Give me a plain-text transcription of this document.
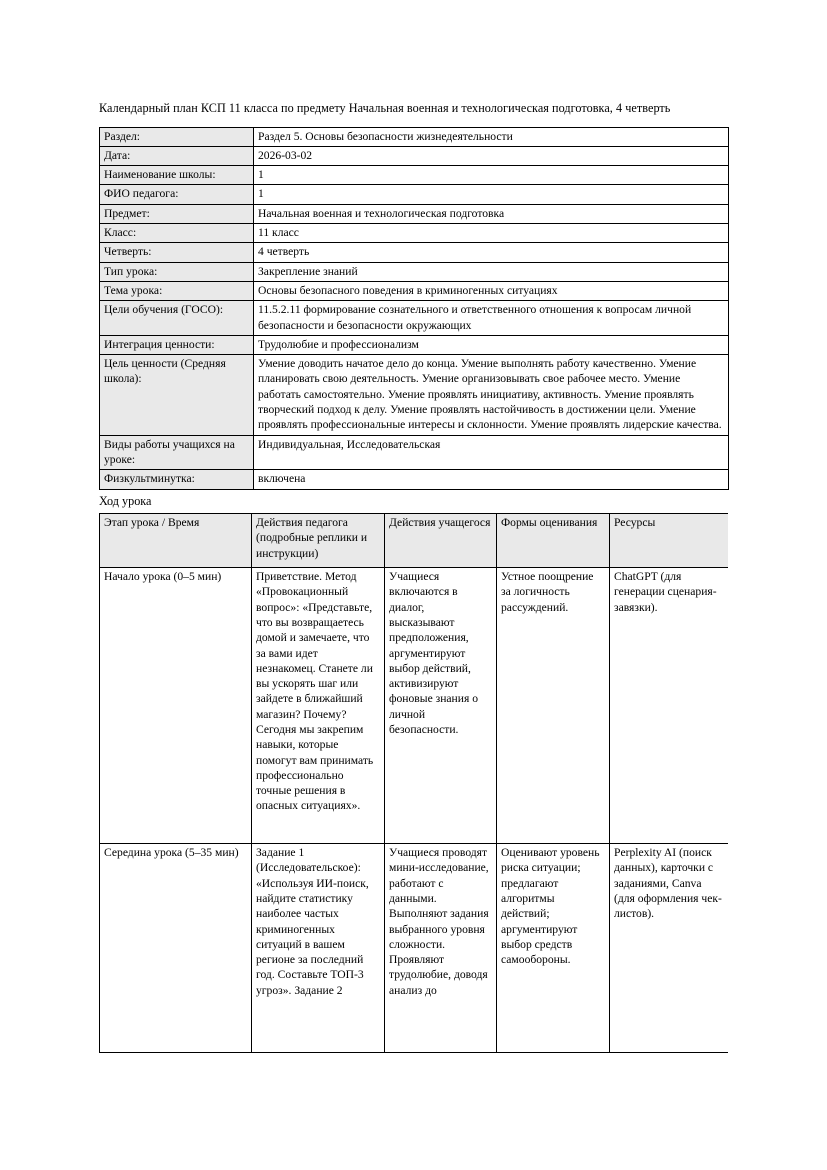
Календарный план КСП 11 класса по предмету Начальная военная и технологическая подготовка, 4 четверть
Раздел:	Раздел 5. Основы безопасности жизнедеятельности
Дата:	2026-03-02
Наименование школы:	1
ФИО педагога:	1
Предмет:	Начальная военная и технологическая подготовка
Класс:	11 класс
Четверть:	4 четверть
Тип урока:	Закрепление знаний
Тема урока:	Основы безопасного поведения в криминогенных ситуациях
Цели обучения (ГОСО):	11.5.2.11 формирование сознательного и ответственного отношения к вопросам личной безопасности и безопасности окружающих
Интеграция ценности:	Трудолюбие и профессионализм
Цель ценности (Средняя школа):	Умение доводить начатое дело до конца. Умение выполнять работу качественно. Умение планировать свою деятельность. Умение организовывать свое рабочее место. Умение работать самостоятельно. Умение проявлять инициативу, активность. Умение проявлять творческий подход к делу. Умение проявлять настойчивость в достижении цели. Умение проявлять профессиональные интересы и склонности. Умение проявлять лидерские качества.
Виды работы учащихся на уроке:	Индивидуальная, Исследовательская
Физкультминутка:	включена

Ход урока

Этап урока / Время	Действия педагога (подробные реплики и инструкции)	Действия учащегося	Формы оценивания	Ресурсы
Начало урока (0–5 мин)	Приветствие. Метод «Провокационный вопрос»: «Представьте, что вы возвращаетесь домой и замечаете, что за вами идет незнакомец. Станете ли вы ускорять шаг или зайдете в ближайший магазин? Почему? Сегодня мы закрепим навыки, которые помогут вам принимать профессионально точные решения в опасных ситуациях».	Учащиеся включаются в диалог, высказывают предположения, аргументируют выбор действий, активизируют фоновые знания о личной безопасности.	Устное поощрение за логичность рассуждений.	ChatGPT (для генерации сценария-завязки).
Середина урока (5–35 мин)	Задание 1 (Исследовательское): «Используя ИИ-поиск, найдите статистику наиболее частых криминогенных ситуаций в вашем регионе за последний год. Составьте ТОП-3 угроз». Задание 2	Учащиеся проводят мини-исследование, работают с данными. Выполняют задания выбранного уровня сложности. Проявляют трудолюбие, доводя анализ до	Оценивают уровень риска ситуации; предлагают алгоритмы действий; аргументируют выбор средств самообороны.	Perplexity AI (поиск данных), карточки с заданиями, Canva (для оформления чек-листов).
